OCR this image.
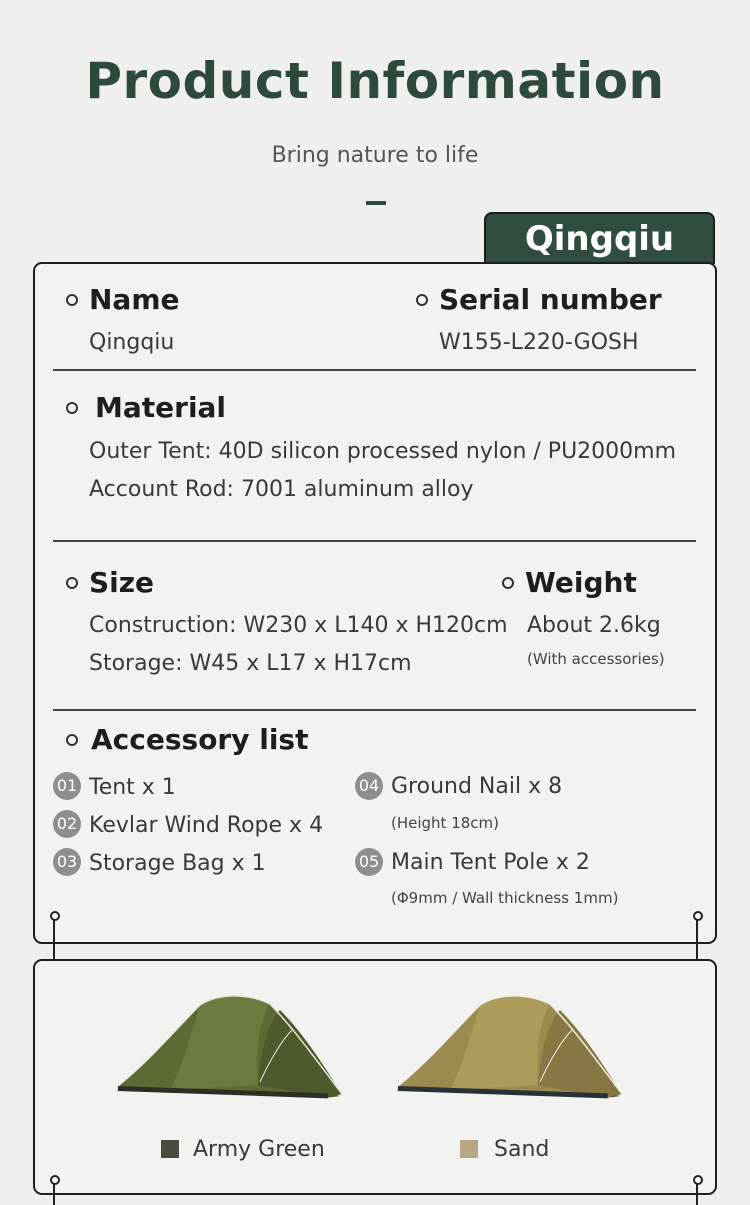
Product Information
Bring nature to life
Qingqiu
Name
Qingqiu
Serial number
W155-L220-GOSH
Material
Outer Tent: 40D silicon processed nylon / PU2000mm
Account Rod: 7001 aluminum alloy
Size
Construction: W230 x L140 x H120cm
Storage: W45 x L17 x H17cm
Weight
About 2.6kg
(With accessories)
Accessory list
01 Tent x 1
02 Kevlar Wind Rope x 4
03 Storage Bag x 1
04 Ground Nail x 8
(Height 18cm)
05 Main Tent Pole x 2
(Φ9mm / Wall thickness 1mm)
Army Green	Sand
